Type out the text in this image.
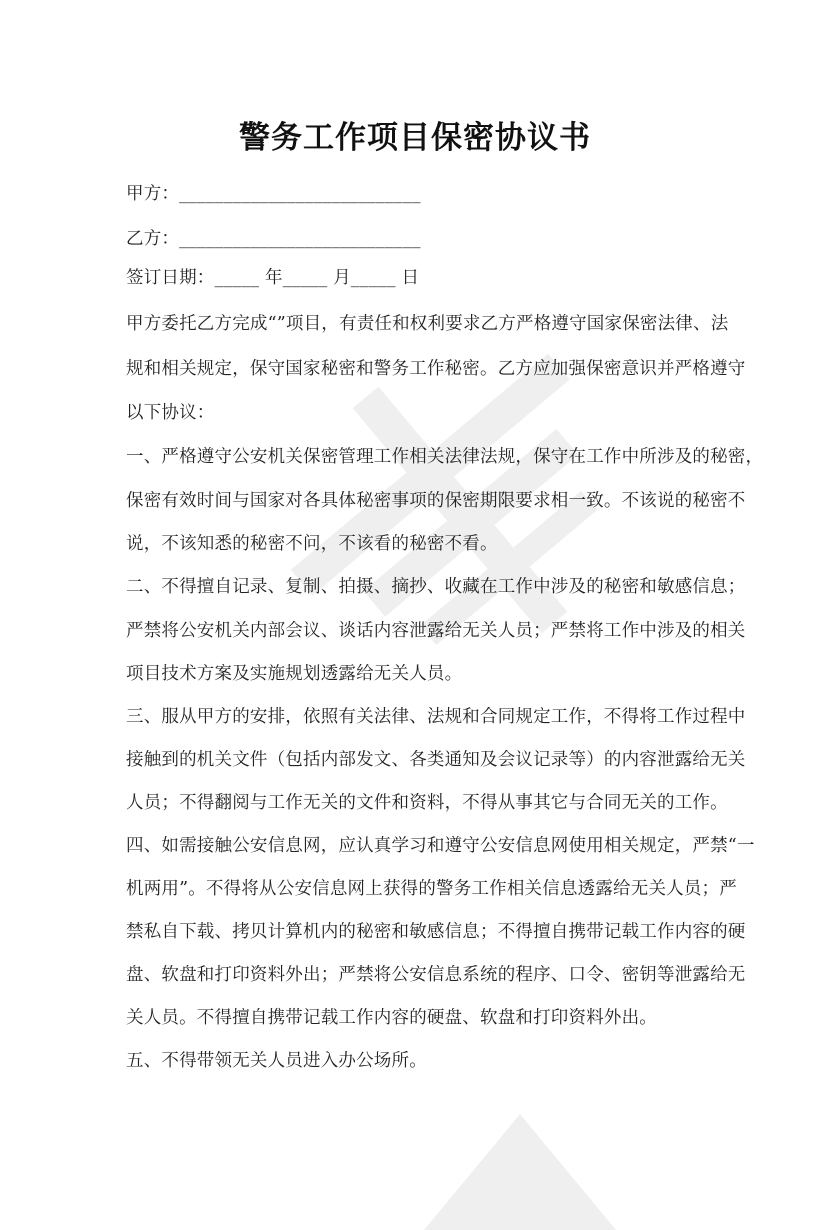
警务工作项目保密协议书
甲方：___________________________
乙方：___________________________
签订日期：_____ 年_____ 月_____ 日
甲方委托乙方完成“”项目，有责任和权利要求乙方严格遵守国家保密法律、法
规和相关规定，保守国家秘密和警务工作秘密。乙方应加强保密意识并严格遵守
以下协议：
一、严格遵守公安机关保密管理工作相关法律法规，保守在工作中所涉及的秘密，
保密有效时间与国家对各具体秘密事项的保密期限要求相一致。不该说的秘密不
说，不该知悉的秘密不问，不该看的秘密不看。
二、不得擅自记录、复制、拍摄、摘抄、收藏在工作中涉及的秘密和敏感信息；
严禁将公安机关内部会议、谈话内容泄露给无关人员；严禁将工作中涉及的相关
项目技术方案及实施规划透露给无关人员。
三、服从甲方的安排，依照有关法律、法规和合同规定工作，不得将工作过程中
接触到的机关文件（包括内部发文、各类通知及会议记录等）的内容泄露给无关
人员；不得翻阅与工作无关的文件和资料，不得从事其它与合同无关的工作。
四、如需接触公安信息网，应认真学习和遵守公安信息网使用相关规定，严禁“一
机两用”。不得将从公安信息网上获得的警务工作相关信息透露给无关人员；严
禁私自下载、拷贝计算机内的秘密和敏感信息；不得擅自携带记载工作内容的硬
盘、软盘和打印资料外出；严禁将公安信息系统的程序、口令、密钥等泄露给无
关人员。不得擅自携带记载工作内容的硬盘、软盘和打印资料外出。
五、不得带领无关人员进入办公场所。
